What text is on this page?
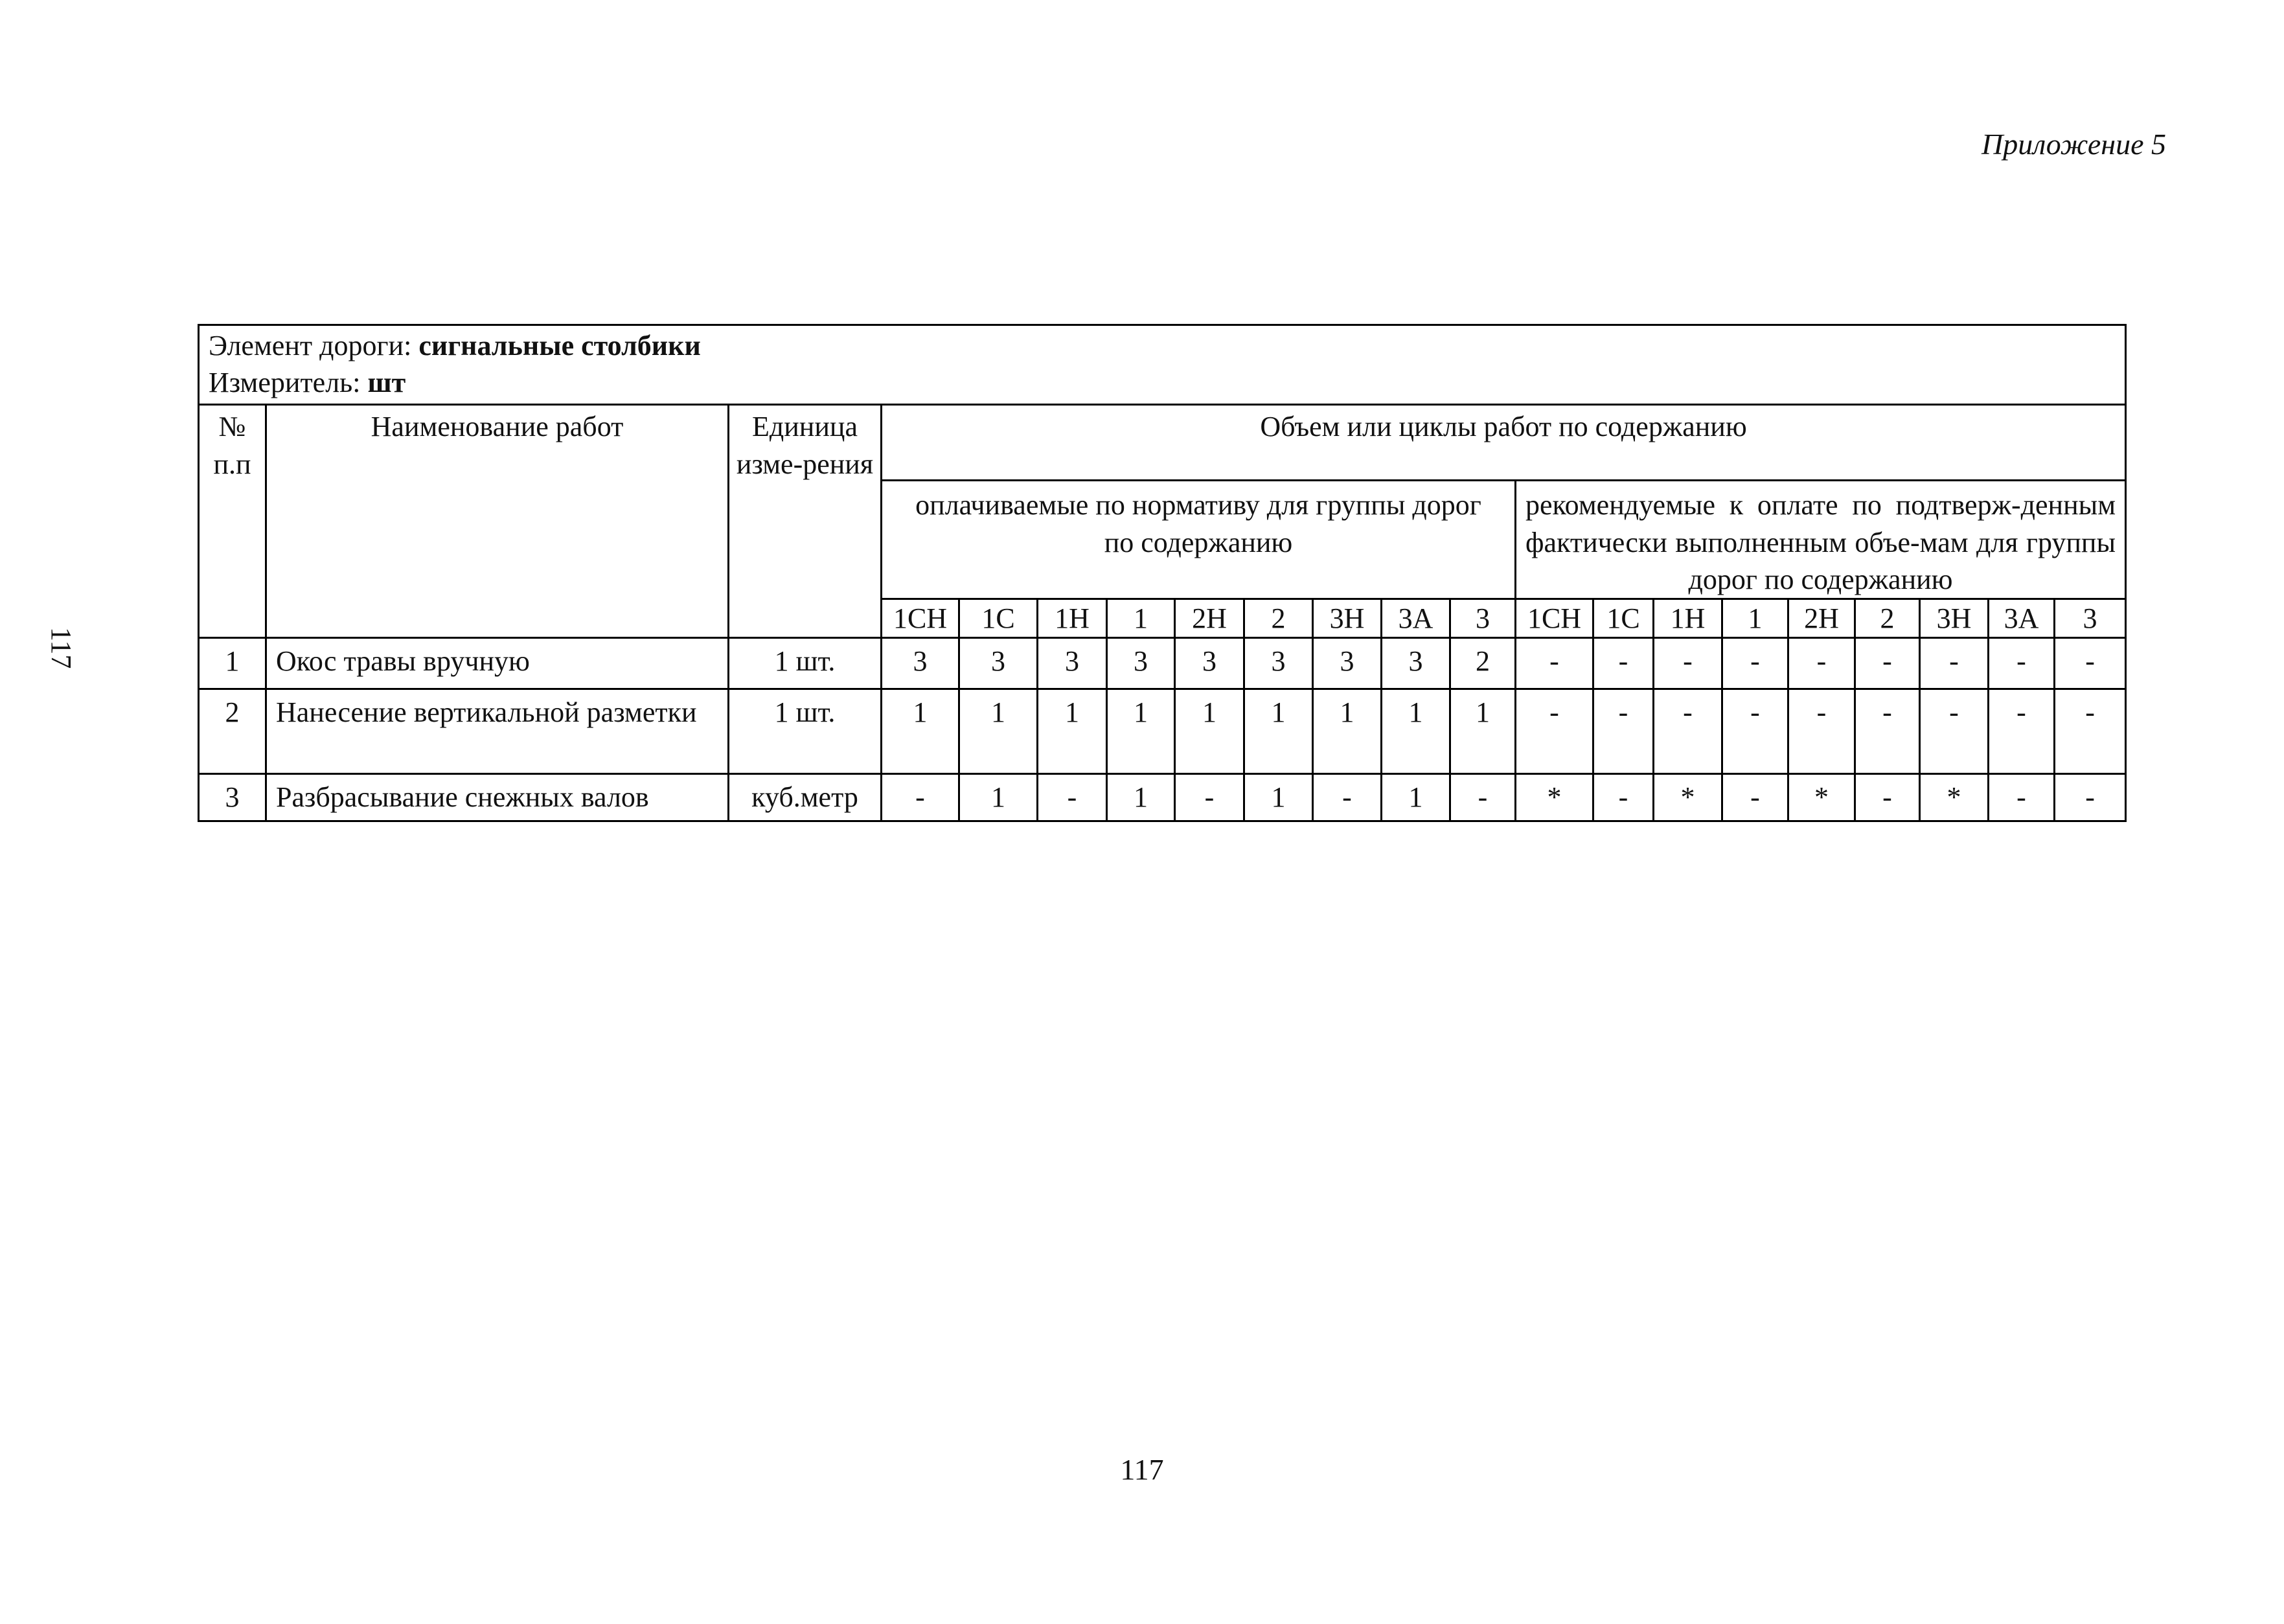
Приложение 5
117
Элемент дороги: сигнальные столбики
Измеритель: шт																				

№ п.п	Наименование работ	Единица изме-рения	Объем или циклы работ по содержанию																	
			оплачиваемые по нормативу для группы дорог по содержанию									рекомендуемые к оплате по подтверж-денным фактически выполненным объе-мам для группы дорог по содержанию								
			1СН	1С	1Н	1	2Н	2	3Н	3А	3	1СН	1С	1Н	1	2Н	2	3Н	3А	3
1	Окос травы вручную	1 шт.	3	3	3	3	3	3	3	3	2	-	-	-	-	-	-	-	-	-
2	Нанесение вертикальной разметки	1 шт.	1	1	1	1	1	1	1	1	1	-	-	-	-	-	-	-	-	-
3	Разбрасывание снежных валов	куб.метр	-	1	-	1	-	1	-	1	-	*	-	*	-	*	-	*	-	-
117
